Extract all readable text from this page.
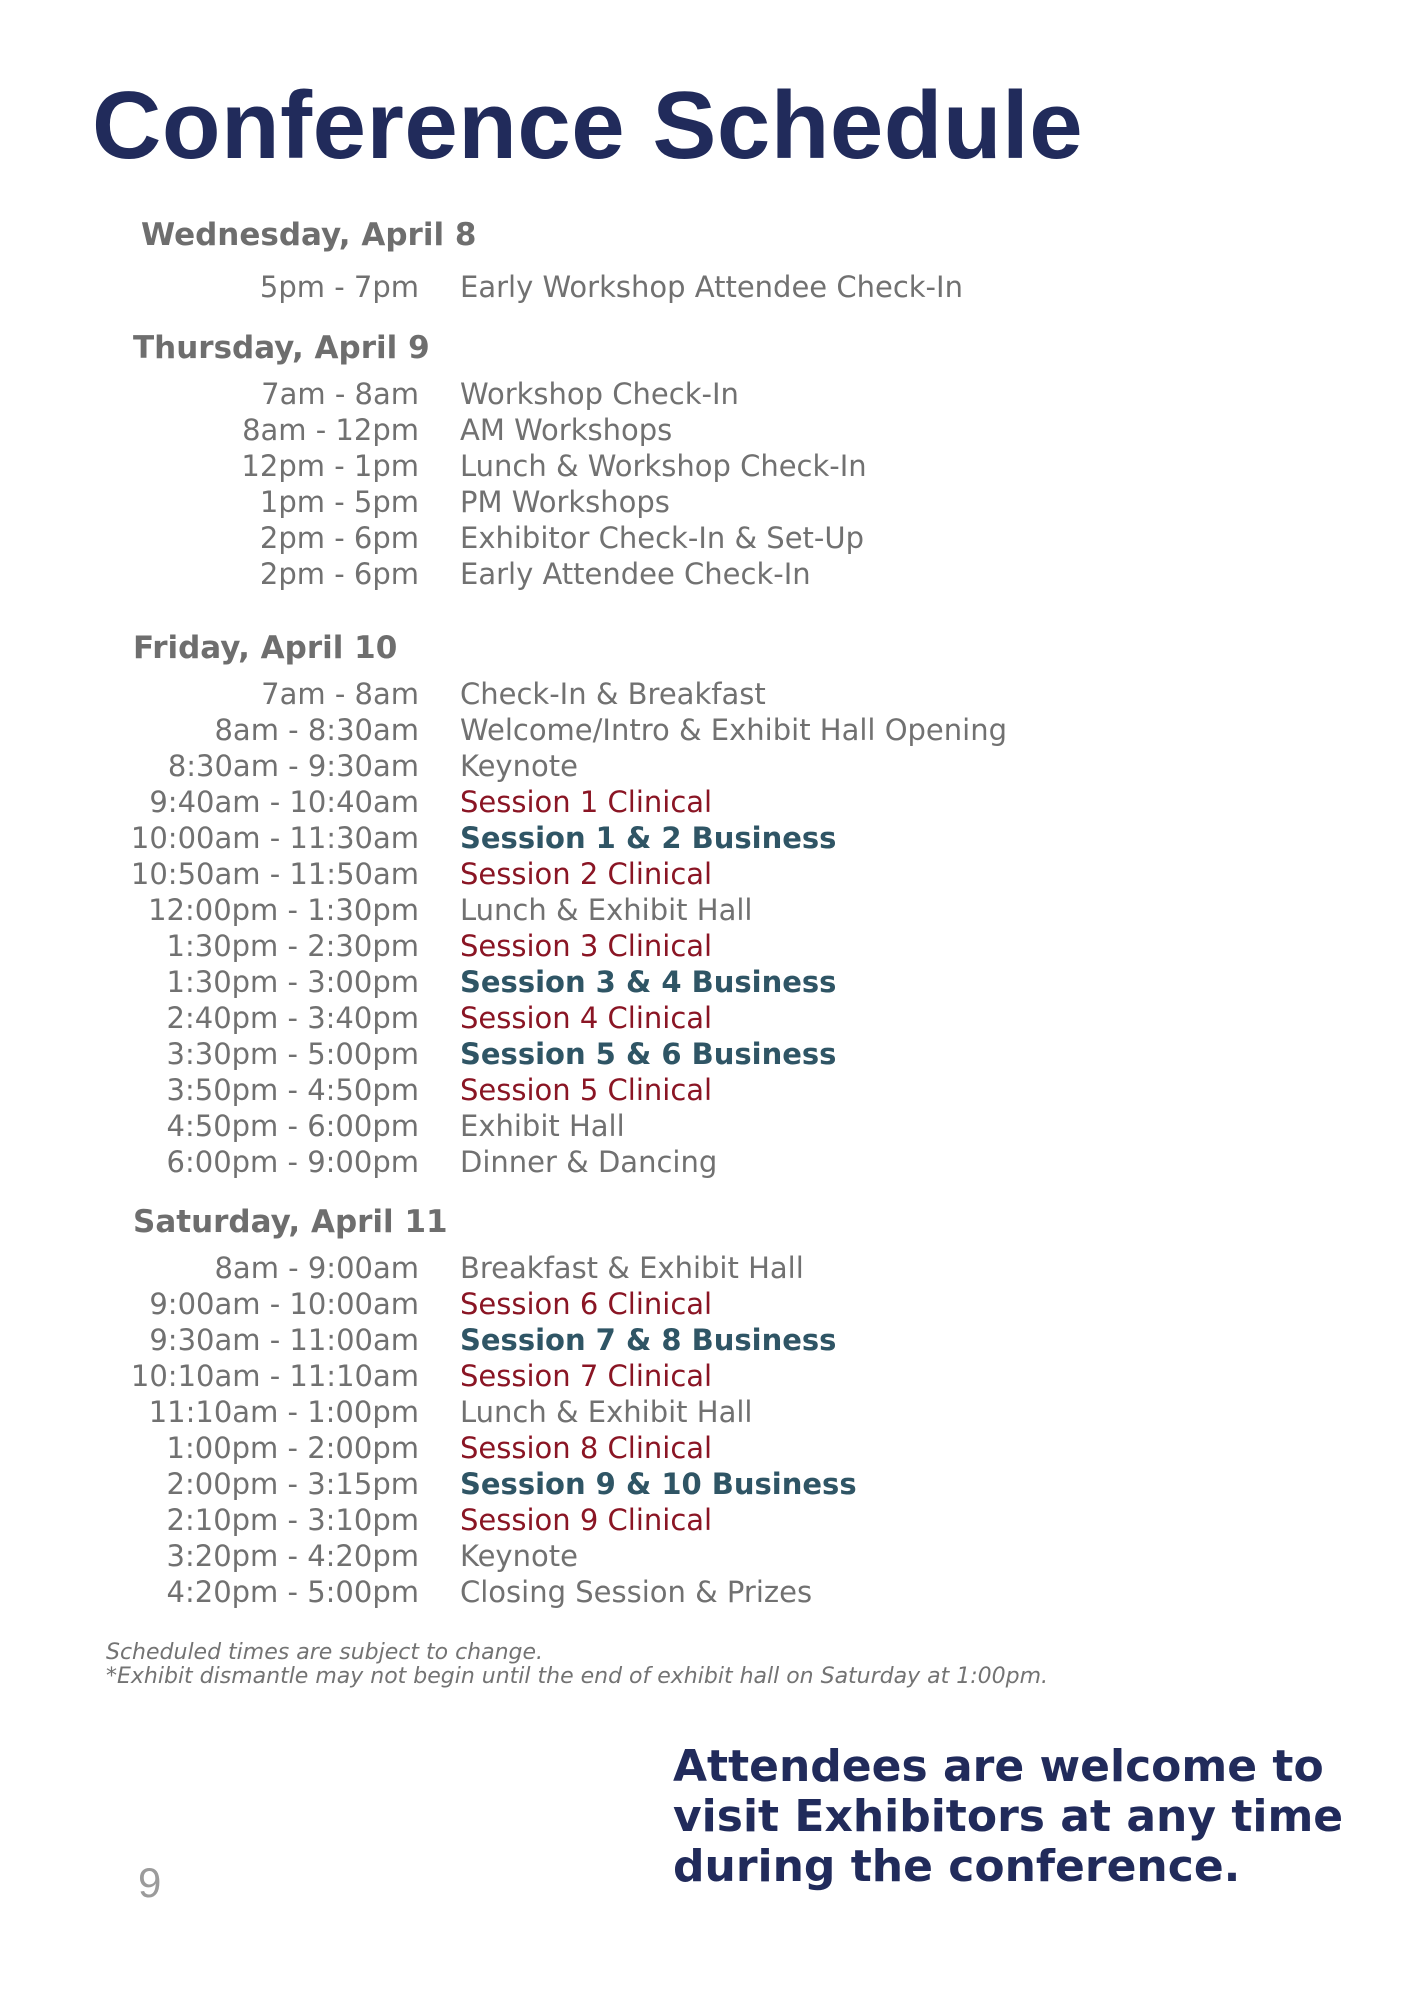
Conference Schedule
Wednesday, April 8
5pm - 7pm Early Workshop Attendee Check-In
Thursday, April 9
7am - 8am Workshop Check-In
8am - 12pm AM Workshops
12pm - 1pm Lunch & Workshop Check-In
1pm - 5pm PM Workshops
2pm - 6pm Exhibitor Check-In & Set-Up
2pm - 6pm Early Attendee Check-In
Friday, April 10
7am - 8am Check-In & Breakfast
8am - 8:30am Welcome/Intro & Exhibit Hall Opening
8:30am - 9:30am Keynote
9:40am - 10:40am Session 1 Clinical
10:00am - 11:30am Session 1 & 2 Business
10:50am - 11:50am Session 2 Clinical
12:00pm - 1:30pm Lunch & Exhibit Hall
1:30pm - 2:30pm Session 3 Clinical
1:30pm - 3:00pm Session 3 & 4 Business
2:40pm - 3:40pm Session 4 Clinical
3:30pm - 5:00pm Session 5 & 6 Business
3:50pm - 4:50pm Session 5 Clinical
4:50pm - 6:00pm Exhibit Hall
6:00pm - 9:00pm Dinner & Dancing
Saturday, April 11
8am - 9:00am Breakfast & Exhibit Hall
9:00am - 10:00am Session 6 Clinical
9:30am - 11:00am Session 7 & 8 Business
10:10am - 11:10am Session 7 Clinical
11:10am - 1:00pm Lunch & Exhibit Hall
1:00pm - 2:00pm Session 8 Clinical
2:00pm - 3:15pm Session 9 & 10 Business
2:10pm - 3:10pm Session 9 Clinical
3:20pm - 4:20pm Keynote
4:20pm - 5:00pm Closing Session & Prizes

Scheduled times are subject to change.

*Exhibit dismantle may not begin until the end of exhibit hall on Saturday at 1:00pm.

Attendees are welcome to
visit Exhibitors at any time
during the conference.

9
